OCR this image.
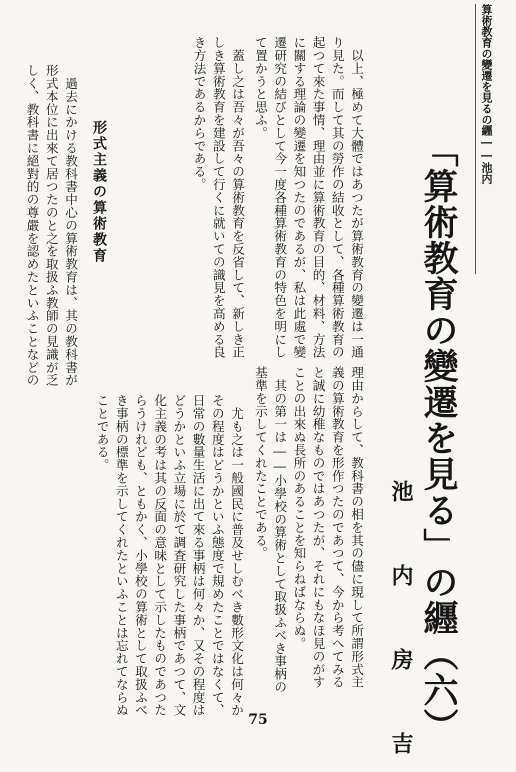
算術教育の變遷を見るの纒――池内
　以上、極めて大體ではあつたが算術教育の變遷は一通
り見た。而して其の勞作の結收として、各種算術教育の
起つて來た事情、理由並に算術教育の目的、材料、方法
に關する理論の變遷を知つたのであるが、私は此處で變
遷研究の結びとして今一度各種算術教育の特色を明にし
て置かうと思ふ。
　蓋し之は吾々が吾々の算術教育を反省して、新しき正
しき算術教育を建設して行くに就いての識見を高める良
き方法であるからである。
形式主義の算術教育
　過去にかける教科書中心の算術教育は、其の教科書が
形式本位に出來て居つたのと之を取扱ふ教師の見識が乏
しく、教科書に絕對的の尊嚴を認めたといふことなどの
理由からして、教科書の相を其の儘に現して所謂形式主
義の算術教育を形作つたのであつて、今から考へてみる
と誠に幼稚なものではあつたが、それにもなほ見のがす
ことの出來ぬ長所のあることを知らねばならぬ。
　其の第一は――小學校の算術として取扱ふべき事柄の
基準を示してくれたことである。
　尤も之は一般國民に普及せしむべき數形文化は何々か
その程度はどうかといふ態度で規めたことではなくて、
日常の數量生活に出て來る事柄は何々か、又その程度は
どうかといふ立場に於て調査研究した事柄であつて、文
化主義の考は其の反面の意味として示したものであつた
らうけれども、ともかく、小學校の算術として取扱ふべ
き事柄の標準を示してくれたといふことは忘れてならぬ
ことである。	「算術教育の變遷を見る」の纒（六）
池 内 房 吉
75
